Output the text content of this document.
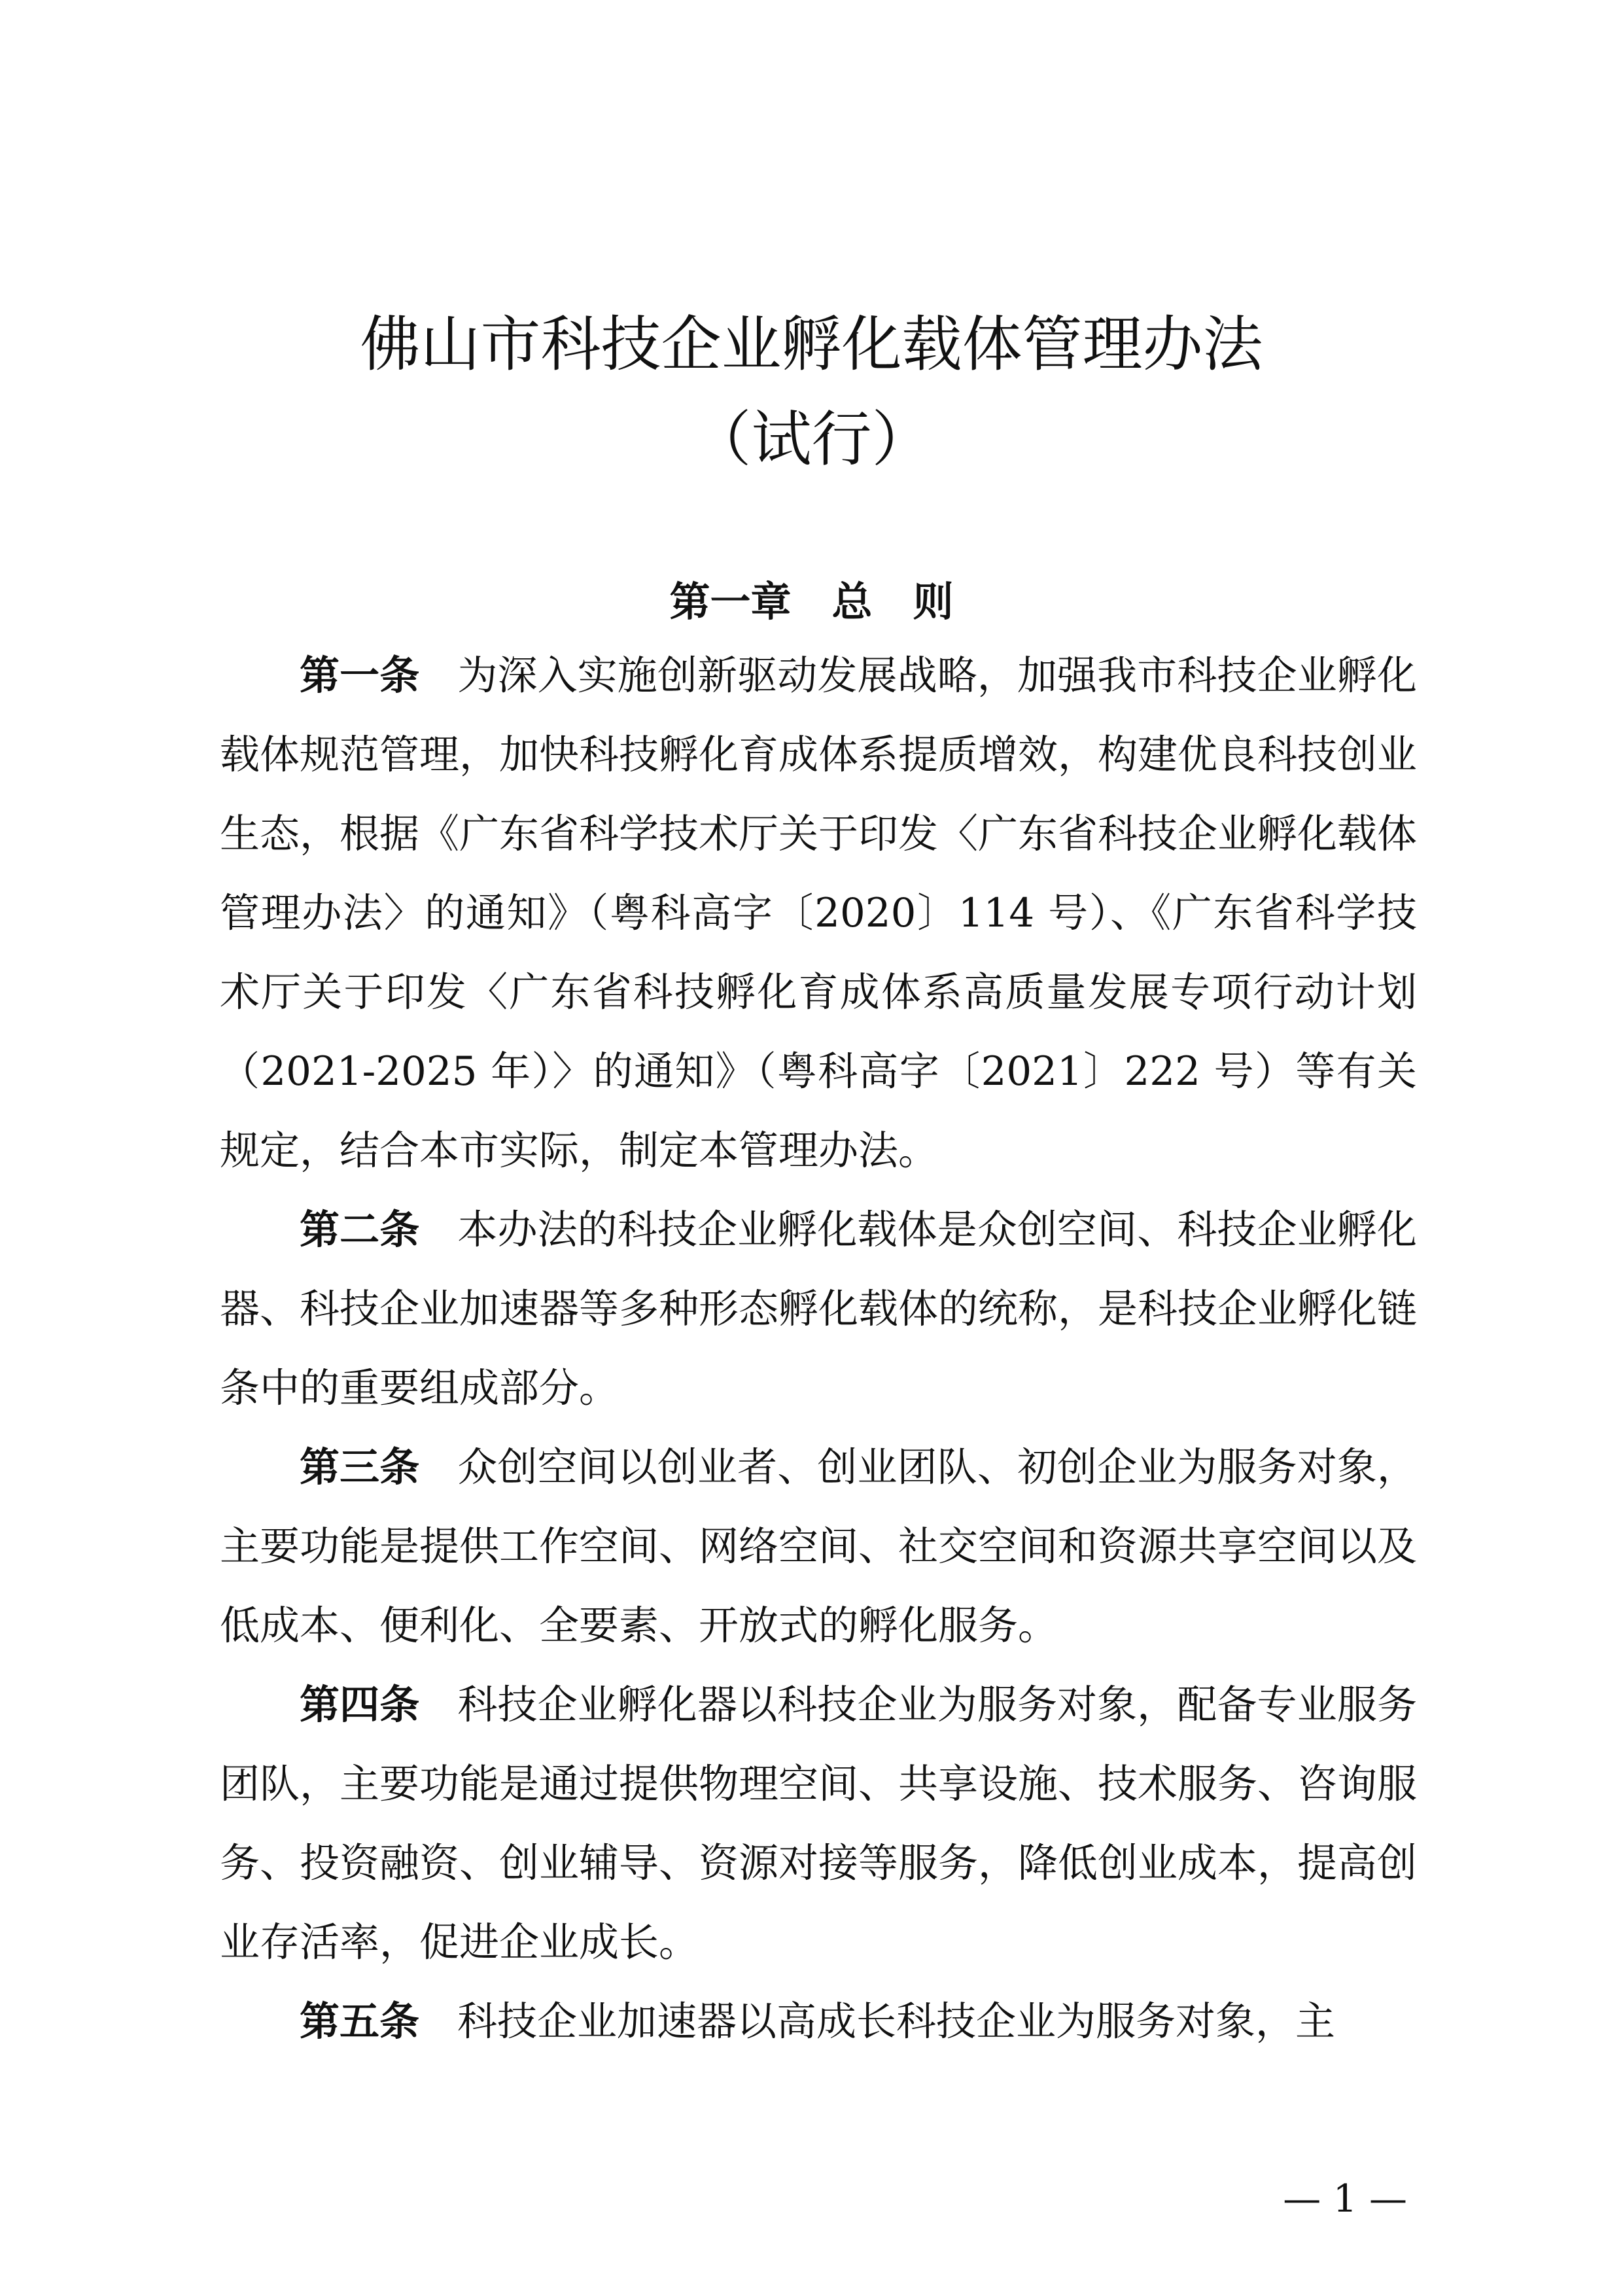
佛山市科技企业孵化载体管理办法
（试行）
第一章　总　则

第一条 为深入实施创新驱动发展战略，加强我市科技企业孵化载体规范管理，加快科技孵化育成体系提质增效，构建优良科技创业生态，根据《广东省科学技术厅关于印发〈广东省科技企业孵化载体管理办法〉的通知》（粤科高字〔2020〕114 号）、《广东省科学技术厅关于印发〈广东省科技孵化育成体系高质量发展专项行动计划（2021-2025 年）〉的通知》（粤科高字〔2021〕222 号）等有关规定，结合本市实际，制定本管理办法。

第二条 本办法的科技企业孵化载体是众创空间、科技企业孵化器、科技企业加速器等多种形态孵化载体的统称，是科技企业孵化链条中的重要组成部分。

第三条 众创空间以创业者、创业团队、初创企业为服务对象，主要功能是提供工作空间、网络空间、社交空间和资源共享空间以及低成本、便利化、全要素、开放式的孵化服务。

第四条 科技企业孵化器以科技企业为服务对象，配备专业服务团队，主要功能是通过提供物理空间、共享设施、技术服务、咨询服务、投资融资、创业辅导、资源对接等服务，降低创业成本，提高创业存活率，促进企业成长。

第五条 科技企业加速器以高成长科技企业为服务对象，主

— 1 —
